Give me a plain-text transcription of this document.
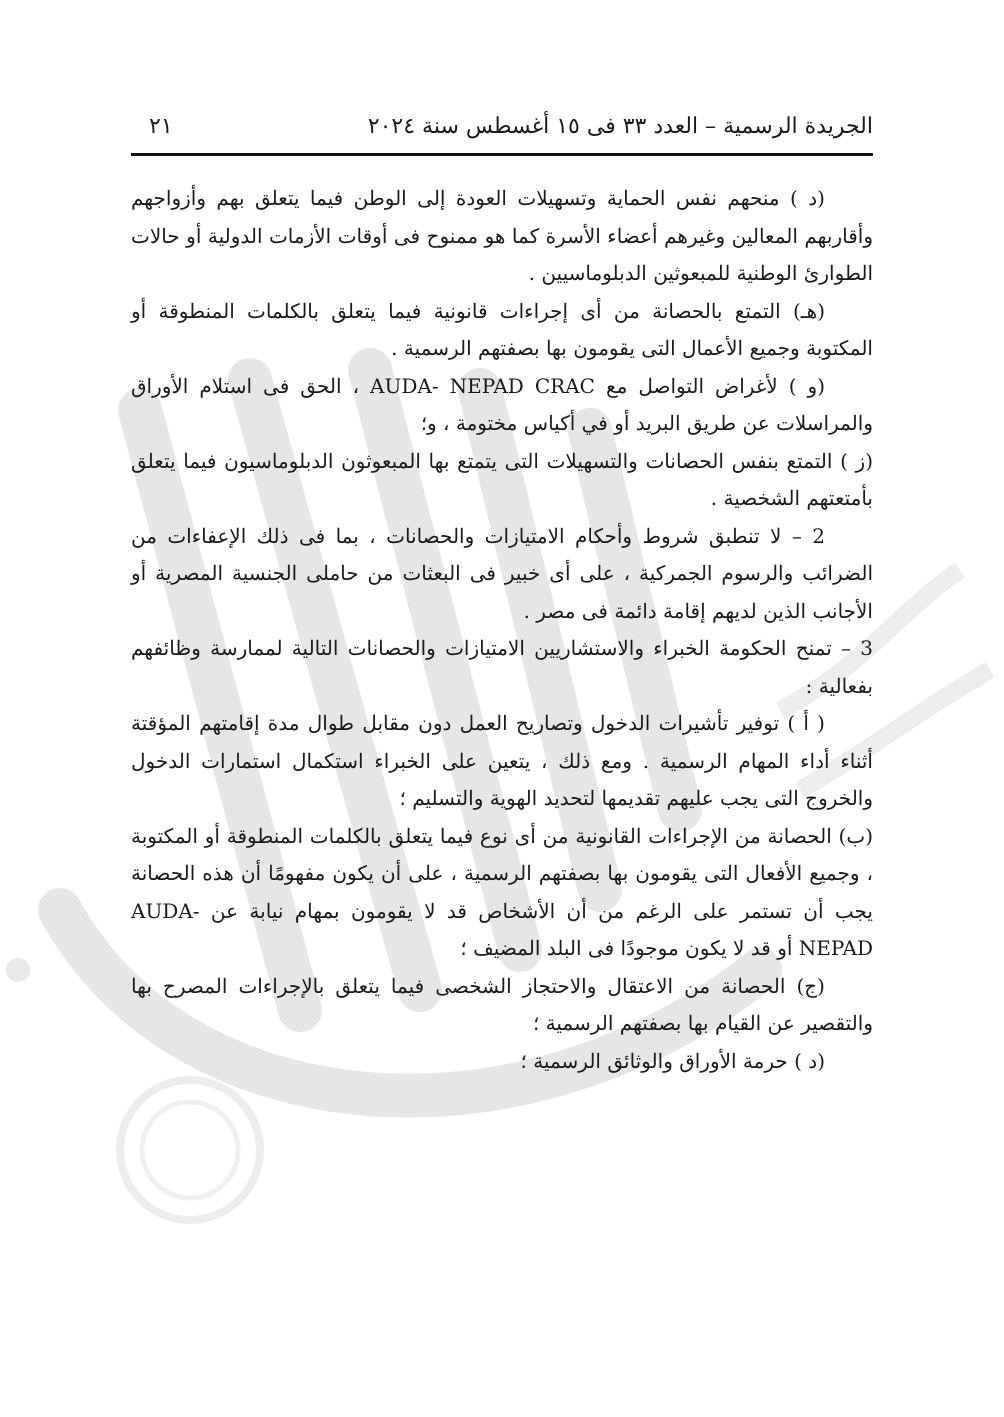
الجريدة الرسمية – العدد ٣٣ فى ١٥ أغسطس سنة ٢٠٢٤
٢١

(د ) منحهم نفس الحماية وتسهيلات العودة إلى الوطن فيما يتعلق بهم وأزواجهم وأقاربهم المعالين وغيرهم أعضاء الأسرة كما هو ممنوح فى أوقات الأزمات الدولية أو حالات الطوارئ الوطنية للمبعوثين الدبلوماسيين .

(هـ) التمتع بالحصانة من أى إجراءات قانونية فيما يتعلق بالكلمات المنطوقة أو المكتوبة وجميع الأعمال التى يقومون بها بصفتهم الرسمية .

(و ) لأغراض التواصل مع AUDA- NEPAD CRAC ، الحق فى استلام الأوراق والمراسلات عن طريق البريد أو في أكياس مختومة ، و؛

(ز ) التمتع بنفس الحصانات والتسهيلات التى يتمتع بها المبعوثون الدبلوماسيون فيما يتعلق بأمتعتهم الشخصية .

2 – لا تنطبق شروط وأحكام الامتيازات والحصانات ، بما فى ذلك الإعفاءات من الضرائب والرسوم الجمركية ، على أى خبير فى البعثات من حاملى الجنسية المصرية أو الأجانب الذين لديهم إقامة دائمة فى مصر .

3 – تمنح الحكومة الخبراء والاستشاريين الامتيازات والحصانات التالية لممارسة وظائفهم بفعالية :

( أ ) توفير تأشيرات الدخول وتصاريح العمل دون مقابل طوال مدة إقامتهم المؤقتة أثناء أداء المهام الرسمية . ومع ذلك ، يتعين على الخبراء استكمال استمارات الدخول والخروج التى يجب عليهم تقديمها لتحديد الهوية والتسليم ؛

(ب) الحصانة من الإجراءات القانونية من أى نوع فيما يتعلق بالكلمات المنطوقة أو المكتوبة ، وجميع الأفعال التى يقومون بها بصفتهم الرسمية ، على أن يكون مفهومًا أن هذه الحصانة يجب أن تستمر على الرغم من أن الأشخاص قد لا يقومون بمهام نيابة عن AUDA- NEPAD أو قد لا يكون موجودًا فى البلد المضيف ؛

(ج) الحصانة من الاعتقال والاحتجاز الشخصى فيما يتعلق بالإجراءات المصرح بها والتقصير عن القيام بها بصفتهم الرسمية ؛

(د ) حرمة الأوراق والوثائق الرسمية ؛
